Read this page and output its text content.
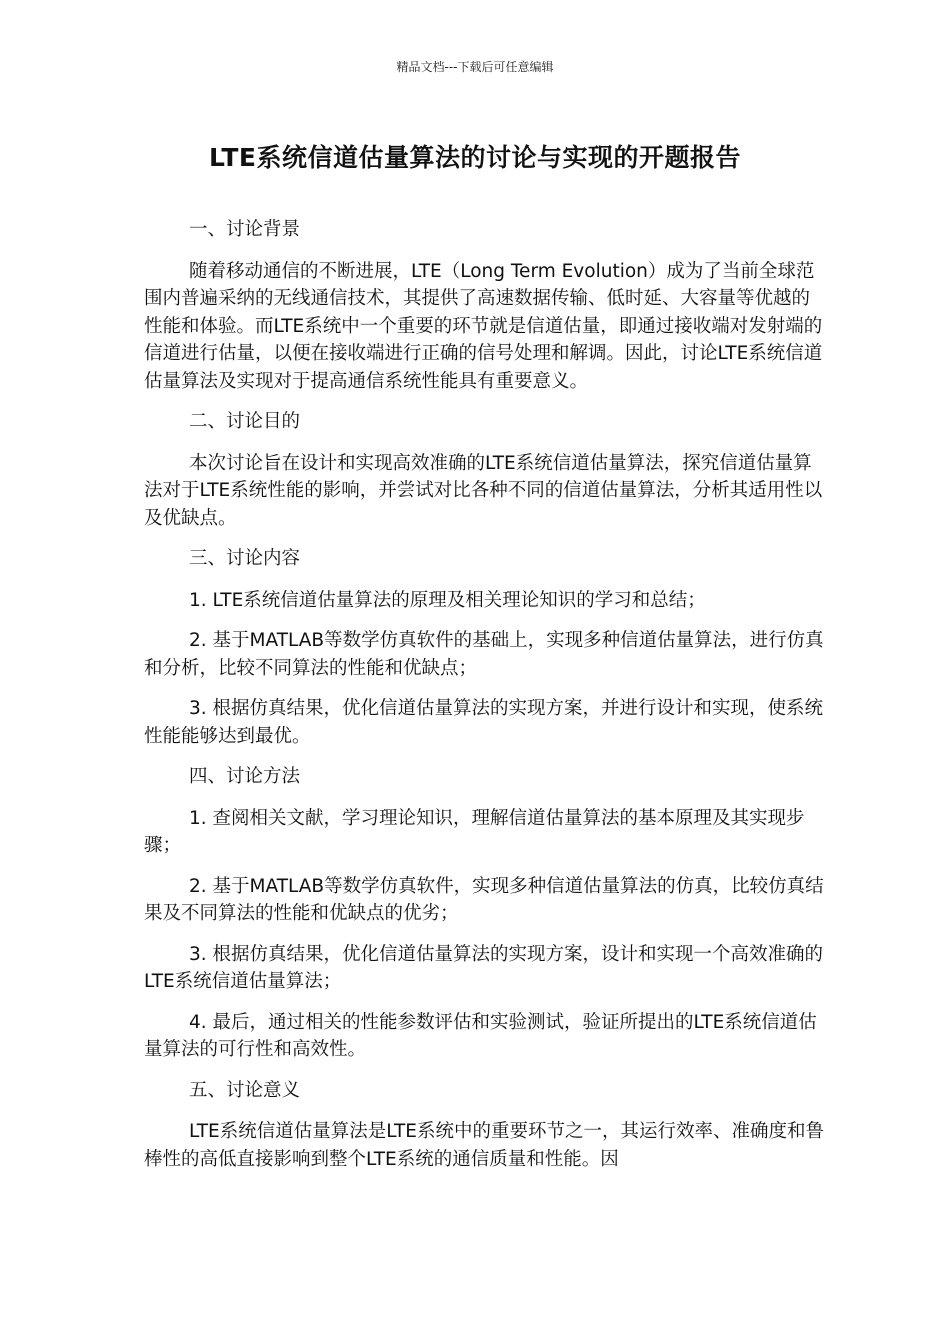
精品文档---下载后可任意编辑
LTE系统信道估量算法的讨论与实现的开题报告

一、讨论背景

随着移动通信的不断进展，LTE（Long Term Evolution）成为了当前全球范围内普遍采纳的无线通信技术，其提供了高速数据传输、低时延、大容量等优越的性能和体验。而LTE系统中一个重要的环节就是信道估量，即通过接收端对发射端的信道进行估量，以便在接收端进行正确的信号处理和解调。因此，讨论LTE系统信道估量算法及实现对于提高通信系统性能具有重要意义。

二、讨论目的

本次讨论旨在设计和实现高效准确的LTE系统信道估量算法，探究信道估量算法对于LTE系统性能的影响，并尝试对比各种不同的信道估量算法，分析其适用性以及优缺点。

三、讨论内容

1. LTE系统信道估量算法的原理及相关理论知识的学习和总结；

2. 基于MATLAB等数学仿真软件的基础上，实现多种信道估量算法，进行仿真和分析，比较不同算法的性能和优缺点；

3. 根据仿真结果，优化信道估量算法的实现方案，并进行设计和实现，使系统性能能够达到最优。

四、讨论方法

1. 查阅相关文献，学习理论知识，理解信道估量算法的基本原理及其实现步骤；

2. 基于MATLAB等数学仿真软件，实现多种信道估量算法的仿真，比较仿真结果及不同算法的性能和优缺点的优劣；

3. 根据仿真结果，优化信道估量算法的实现方案，设计和实现一个高效准确的LTE系统信道估量算法；

4. 最后，通过相关的性能参数评估和实验测试，验证所提出的LTE系统信道估量算法的可行性和高效性。

五、讨论意义

LTE系统信道估量算法是LTE系统中的重要环节之一，其运行效率、准确度和鲁棒性的高低直接影响到整个LTE系统的通信质量和性能。因
